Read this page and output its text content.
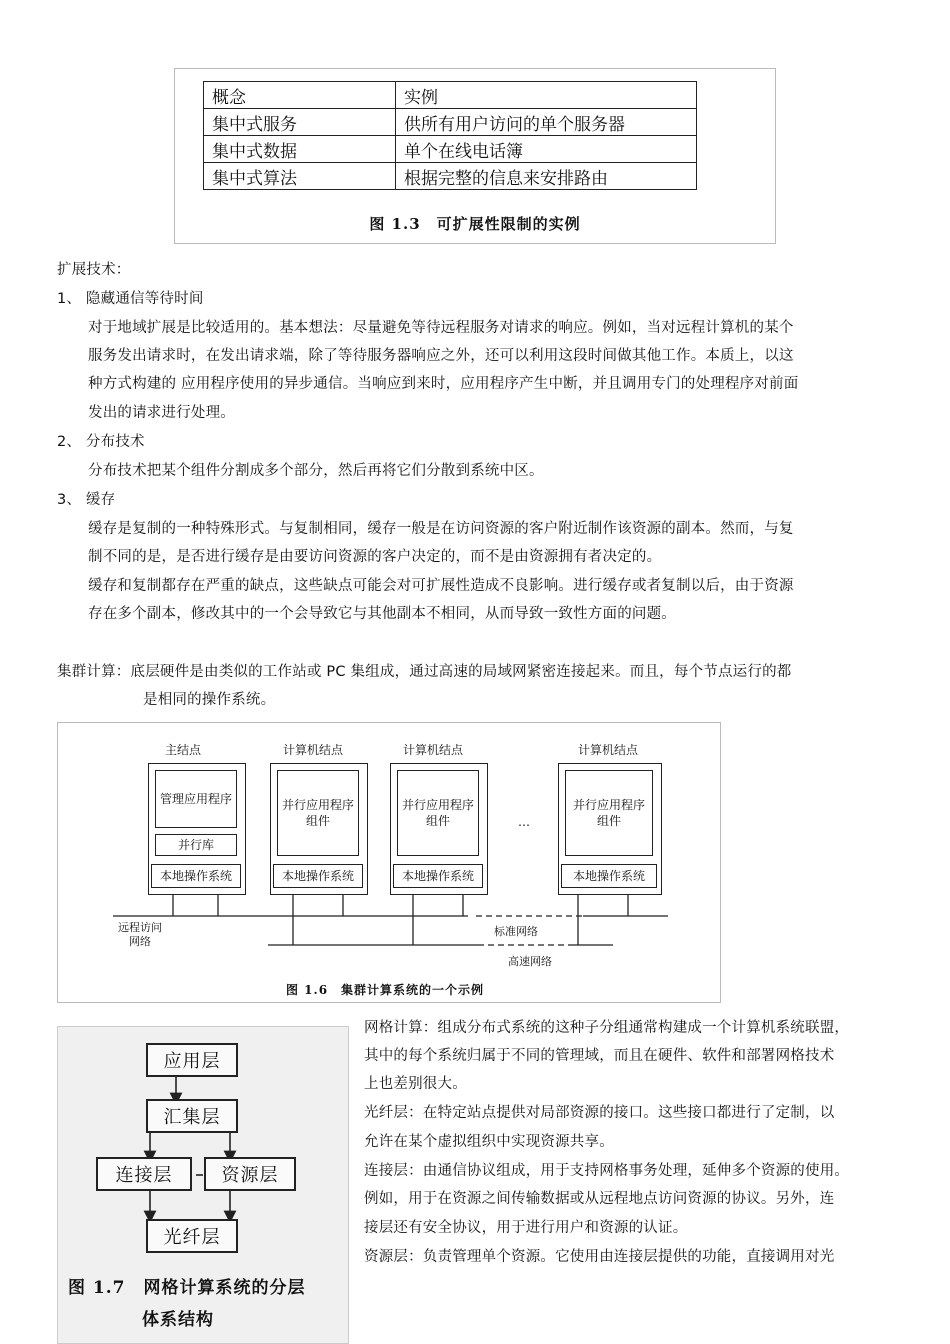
概念	实例
集中式服务	供所有用户访问的单个服务器
集中式数据	单个在线电话簿
集中式算法	根据完整的信息来安排路由
图 1.3　可扩展性限制的实例
扩展技术：
1、 隐藏通信等待时间
对于地域扩展是比较适用的。基本想法：尽量避免等待远程服务对请求的响应。例如，当对远程计算机的某个
服务发出请求时，在发出请求端，除了等待服务器响应之外，还可以利用这段时间做其他工作。本质上，以这
种方式构建的 应用程序使用的异步通信。当响应到来时，应用程序产生中断，并且调用专门的处理程序对前面
发出的请求进行处理。
2、 分布技术
分布技术把某个组件分割成多个部分，然后再将它们分散到系统中区。
3、 缓存
缓存是复制的一种特殊形式。与复制相同，缓存一般是在访问资源的客户附近制作该资源的副本。然而，与复
制不同的是，是否进行缓存是由要访问资源的客户决定的，而不是由资源拥有者决定的。
缓存和复制都存在严重的缺点，这些缺点可能会对可扩展性造成不良影响。进行缓存或者复制以后，由于资源
存在多个副本，修改其中的一个会导致它与其他副本不相同，从而导致一致性方面的问题。
集群计算：底层硬件是由类似的工作站或 PC 集组成，通过高速的局域网紧密连接起来。而且，每个节点运行的都
是相同的操作系统。
主结点	计算机结点	计算机结点	计算机结点
管理应用程序
并行库
本地操作系统
并行应用程序
组件
本地操作系统
并行应用程序
组件
本地操作系统
…
并行应用程序
组件
本地操作系统
远程访问
网络
标准网络
高速网络
图 1.6　集群计算系统的一个示例
应用层
汇集层
连接层	资源层
光纤层
图 1.7　网格计算系统的分层
体系结构
网格计算：组成分布式系统的这种子分组通常构建成一个计算机系统联盟，
其中的每个系统归属于不同的管理域，而且在硬件、软件和部署网格技术
上也差别很大。
光纤层：在特定站点提供对局部资源的接口。这些接口都进行了定制，以
允许在某个虚拟组织中实现资源共享。
连接层：由通信协议组成，用于支持网格事务处理，延伸多个资源的使用。
例如，用于在资源之间传输数据或从远程地点访问资源的协议。另外，连
接层还有安全协议，用于进行用户和资源的认证。
资源层：负责管理单个资源。它使用由连接层提供的功能，直接调用对光
